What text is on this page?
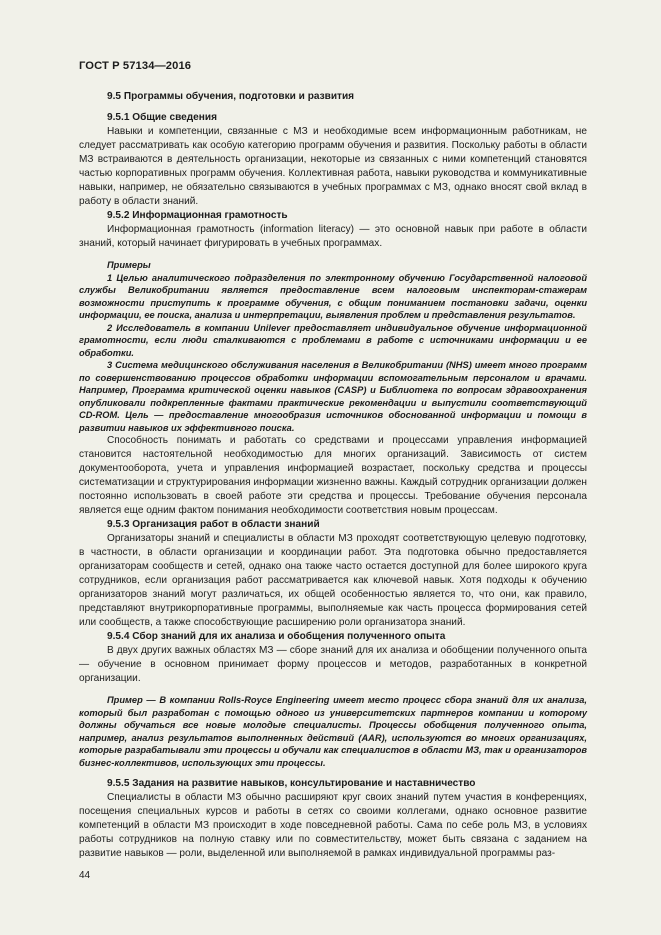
ГОСТ Р 57134—2016
9.5 Программы обучения, подготовки и развития
9.5.1 Общие сведения

Навыки и компетенции, связанные с МЗ и необходимые всем информационным работникам, не следует рассматривать как особую категорию программ обучения и развития. Поскольку работы в области МЗ встраиваются в деятельность организации, некоторые из связанных с ними компетенций становятся частью корпоративных программ обучения. Коллективная работа, навыки руководства и коммуникативные навыки, например, не обязательно связываются в учебных программах с МЗ, однако вносят свой вклад в работу в области знаний.

9.5.2 Информационная грамотность

Информационная грамотность (information literacy) — это основной навык при работе в области знаний, который начинает фигурировать в учебных программах.

Примеры
1 Целью аналитического подразделения по электронному обучению Государственной налоговой службы Великобритании является предоставление всем налоговым инспекторам-стажерам возможности приступить к программе обучения, с общим пониманием постановки задачи, оценки информации, ее поиска, анализа и интерпретации, выявления проблем и представления результатов.
2 Исследователь в компании Unilever предоставляет индивидуальное обучение информационной грамотности, если люди сталкиваются с проблемами в работе с источниками информации и ее обработки.
3 Система медицинского обслуживания населения в Великобритании (NHS) имеет много программ по совершенствованию процессов обработки информации вспомогательным персоналом и врачами. Например, Программа критической оценки навыков (CASP) и Библиотека по вопросам здравоохранения опубликовали подкрепленные фактами практические рекомендации и выпустили соответствующий CD-ROM. Цель — предоставление многообразия источников обоснованной информации и помощи в развитии навыков их эффективного поиска.

Способность понимать и работать со средствами и процессами управления информацией становится настоятельной необходимостью для многих организаций. Зависимость от систем документооборота, учета и управления информацией возрастает, поскольку средства и процессы систематизации и структурирования информации жизненно важны. Каждый сотрудник организации должен постоянно использовать в своей работе эти средства и процессы. Требование обучения персонала является еще одним фактом понимания необходимости соответствия новым процессам.

9.5.3 Организация работ в области знаний

Организаторы знаний и специалисты в области МЗ проходят соответствующую целевую подготовку, в частности, в области организации и координации работ. Эта подготовка обычно предоставляется организаторам сообществ и сетей, однако она также часто остается доступной для более широкого круга сотрудников, если организация работ рассматривается как ключевой навык. Хотя подходы к обучению организаторов знаний могут различаться, их общей особенностью является то, что они, как правило, представляют внутрикорпоративные программы, выполняемые как часть процесса формирования сетей или сообществ, а также способствующие расширению роли организатора знаний.

9.5.4 Сбор знаний для их анализа и обобщения полученного опыта

В двух других важных областях МЗ — сборе знаний для их анализа и обобщении полученного опыта — обучение в основном принимает форму процессов и методов, разработанных в конкретной организации.

Пример — В компании Rolls-Royce Engineering имеет место процесс сбора знаний для их анализа, который был разработан с помощью одного из университетских партнеров компании и которому должны обучаться все новые молодые специалисты. Процессы обобщения полученного опыта, например, анализ результатов выполненных действий (AAR), используются во многих организациях, которые разрабатывали эти процессы и обучали как специалистов в области МЗ, так и организаторов бизнес-коллективов, использующих эти процессы.
9.5.5 Задания на развитие навыков, консультирование и наставничество

Специалисты в области МЗ обычно расширяют круг своих знаний путем участия в конференциях, посещения специальных курсов и работы в сетях со своими коллегами, однако основное развитие компетенций в области МЗ происходит в ходе повседневной работы. Сама по себе роль МЗ, в условиях работы сотрудников на полную ставку или по совместительству, может быть связана с заданием на развитие навыков — роли, выделенной или выполняемой в рамках индивидуальной программы раз-

44
